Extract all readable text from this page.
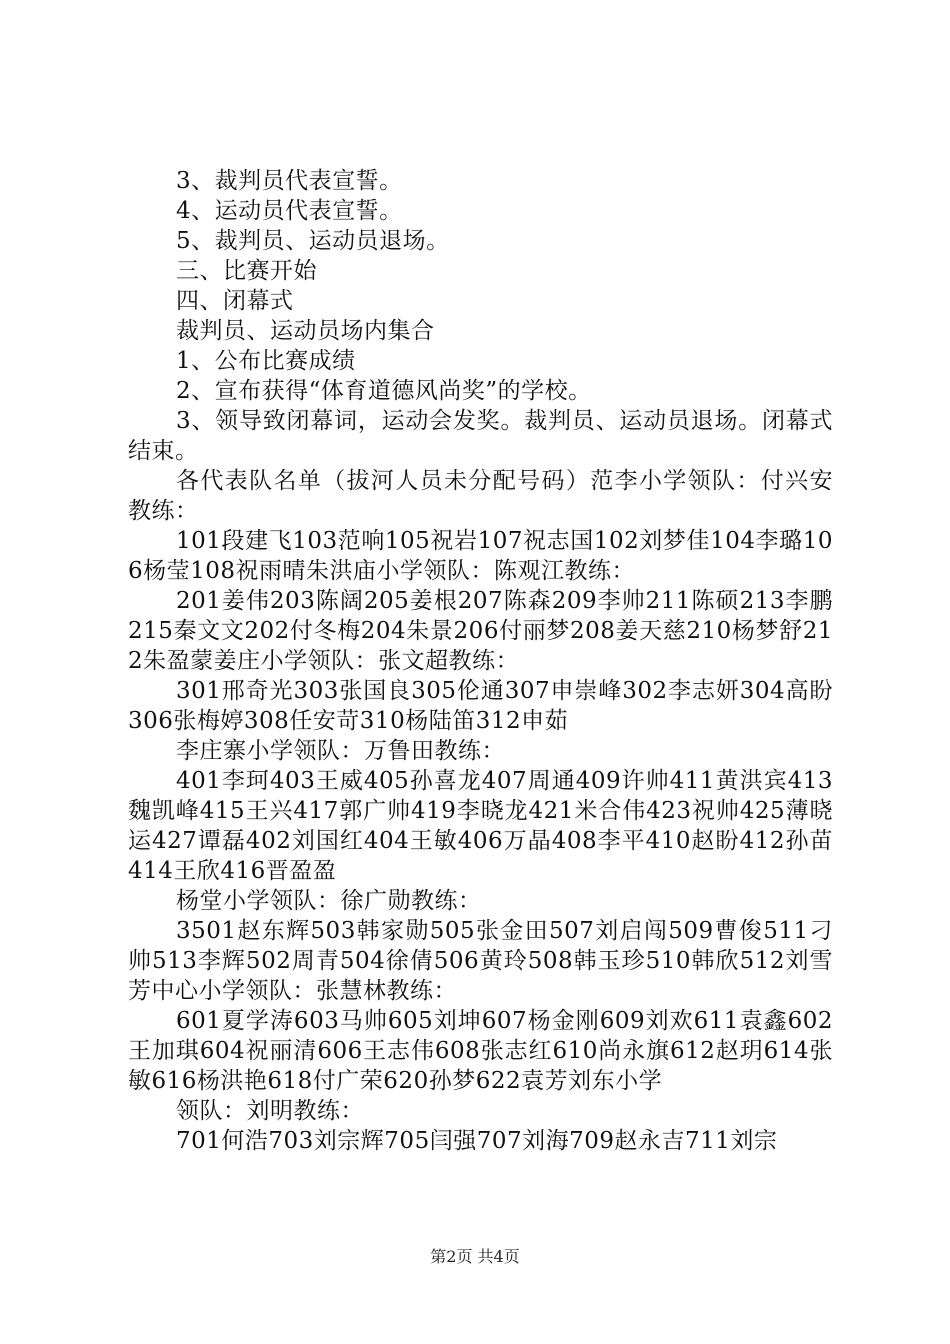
3、裁判员代表宣誓。

4、运动员代表宣誓。

5、裁判员、运动员退场。

三、比赛开始

四、闭幕式

裁判员、运动员场内集合

1、公布比赛成绩

2、宣布获得“体育道德风尚奖”的学校。

3、领导致闭幕词，运动会发奖。裁判员、运动员退场。闭幕式结束。

各代表队名单（拔河人员未分配号码）范李小学领队：付兴安教练：

101段建飞103范响105祝岩107祝志国102刘梦佳104李璐106杨莹108祝雨晴朱洪庙小学领队：陈观江教练：

201姜伟203陈阔205姜根207陈森209李帅211陈硕213李鹏215秦文文202付冬梅204朱景206付丽梦208姜天慈210杨梦舒212朱盈蒙姜庄小学领队：张文超教练：

301邢奇光303张国良305伦通307申崇峰302李志妍304高盼306张梅婷308任安苛310杨陆笛312申茹

李庄寨小学领队：万鲁田教练：

401李珂403王威405孙喜龙407周通409许帅411黄洪宾413魏凯峰415王兴417郭广帅419李晓龙421米合伟423祝帅425薄晓运427谭磊402刘国红404王敏406万晶408李平410赵盼412孙苗414王欣416晋盈盈

杨堂小学领队：徐广勋教练：

3501赵东辉503韩家勋505张金田507刘启闯509曹俊511刁帅513李辉502周青504徐倩506黄玲508韩玉珍510韩欣512刘雪芳中心小学领队：张慧林教练：

601夏学涛603马帅605刘坤607杨金刚609刘欢611袁鑫602王加琪604祝丽清606王志伟608张志红610尚永旗612赵玥614张敏616杨洪艳618付广荣620孙梦622袁芳刘东小学

领队：刘明教练：

701何浩703刘宗辉705闫强707刘海709赵永吉711刘宗

第2页 共4页
